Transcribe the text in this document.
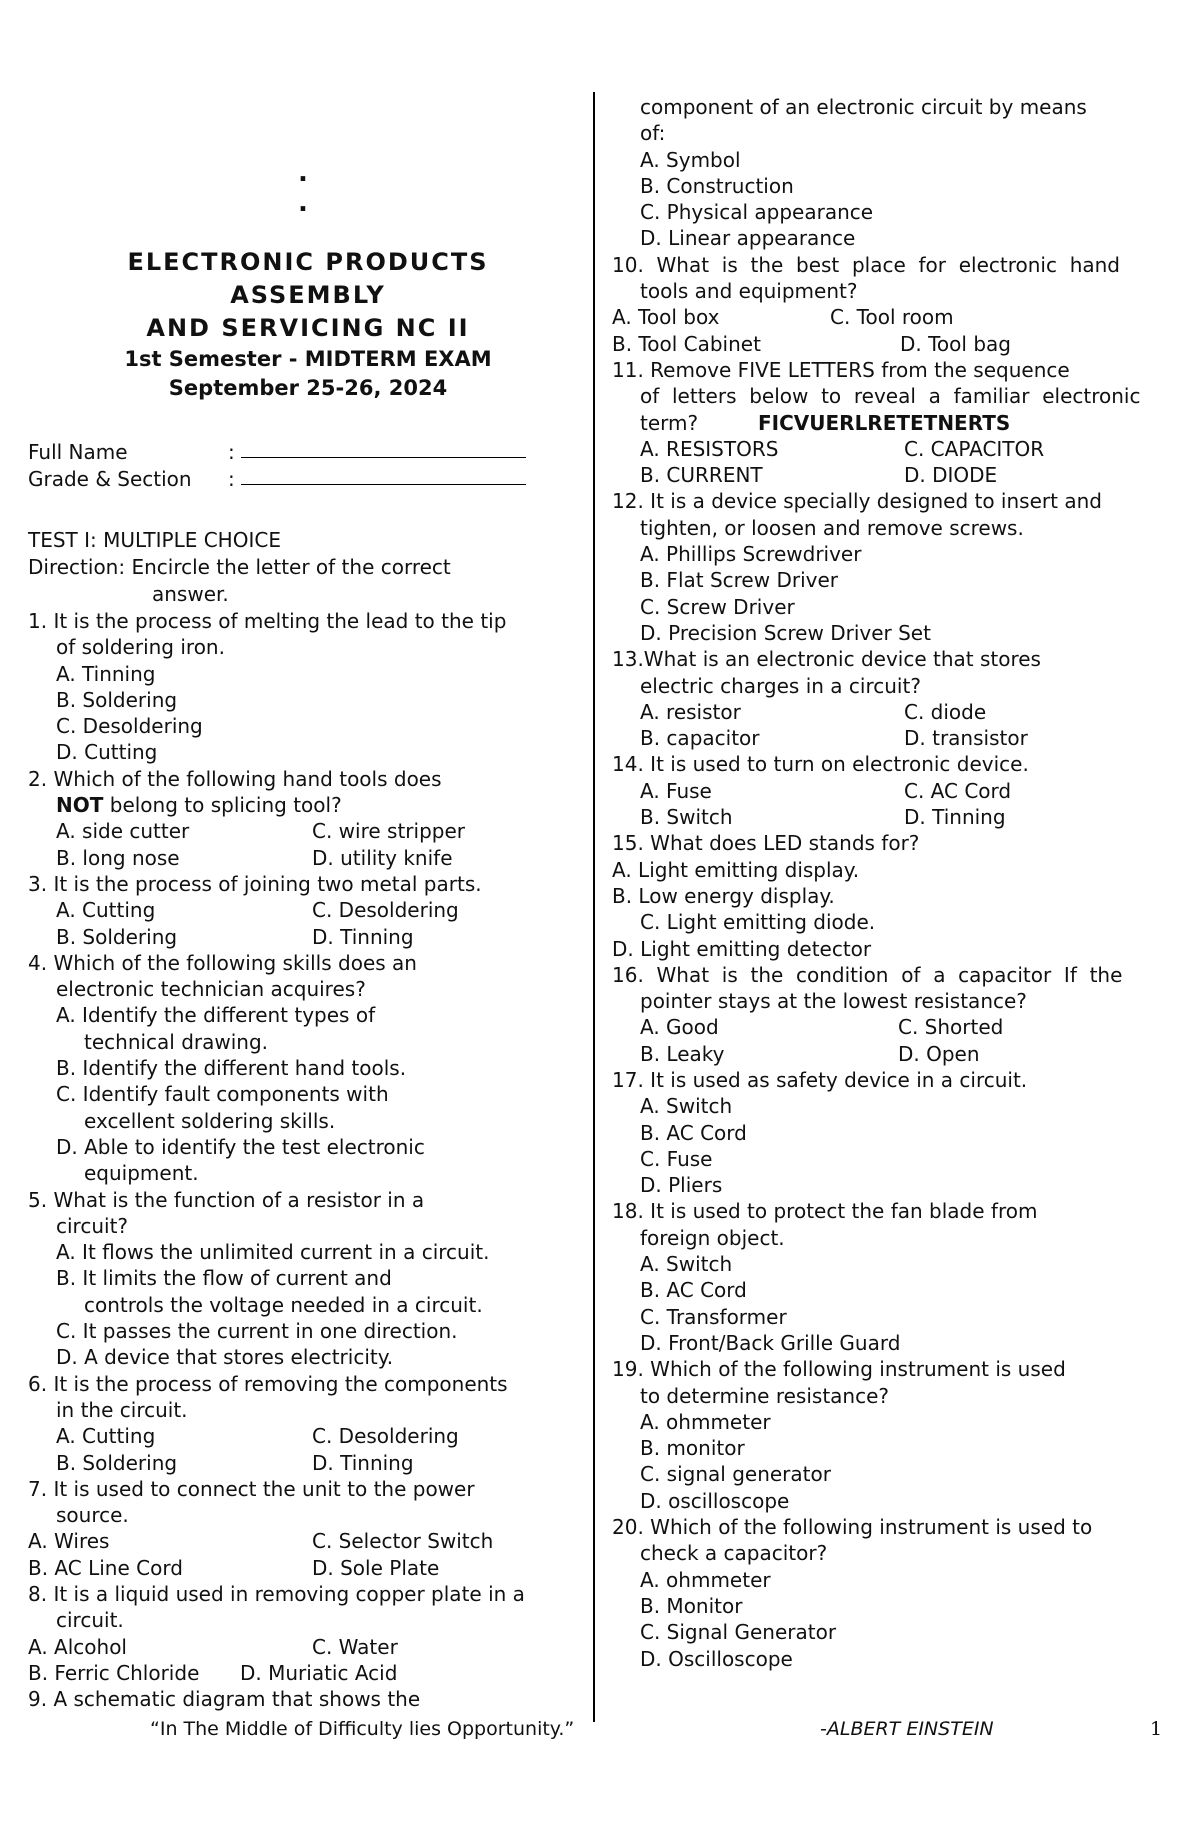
.
.
ELECTRONIC PRODUCTS
ASSEMBLY
AND SERVICING NC II
1st Semester - MIDTERM EXAM
September 25-26, 2024
Full Name	:
Grade & Section	:
TEST I: MULTIPLE CHOICE
Direction: Encircle the letter of the correct
answer.
1. It is the process of melting the lead to the tip
of soldering iron.
A. Tinning
B. Soldering
C. Desoldering
D. Cutting
2. Which of the following hand tools does
NOT belong to splicing tool?
A. side cutter	C. wire stripper
B. long nose	D. utility knife
3. It is the process of joining two metal parts.
A. Cutting	C. Desoldering
B. Soldering	D. Tinning
4. Which of the following skills does an
electronic technician acquires?
A. Identify the different types of
technical drawing.
B. Identify the different hand tools.
C. Identify fault components with
excellent soldering skills.
D. Able to identify the test electronic
equipment.
5. What is the function of a resistor in a
circuit?
A. It flows the unlimited current in a circuit.
B. It limits the flow of current and
controls the voltage needed in a circuit.
C. It passes the current in one direction.
D. A device that stores electricity.
6. It is the process of removing the components
in the circuit.
A. Cutting	C. Desoldering
B. Soldering	D. Tinning
7. It is used to connect the unit to the power
source.
A. Wires	C. Selector Switch
B. AC Line Cord	D. Sole Plate
8. It is a liquid used in removing copper plate in a
circuit.
A. Alcohol	C. Water
B. Ferric Chloride	D. Muriatic Acid
9. A schematic diagram that shows the
component of an electronic circuit by means
of:
A. Symbol
B. Construction
C. Physical appearance
D. Linear appearance
10.  What  is  the  best  place  for  electronic  hand
tools and equipment?
A. Tool box	C. Tool room
B. Tool Cabinet	D. Tool bag
11. Remove FIVE LETTERS from the sequence
of  letters  below  to  reveal  a  familiar  electronic
term?	FICVUERLRETETNERTS
A. RESISTORS	C. CAPACITOR
B. CURRENT	D. DIODE
12. It is a device specially designed to insert and
tighten, or loosen and remove screws.
A. Phillips Screwdriver
B. Flat Screw Driver
C. Screw Driver
D. Precision Screw Driver Set
13.What is an electronic device that stores
electric charges in a circuit?
A. resistor	C. diode
B. capacitor	D. transistor
14. It is used to turn on electronic device.
A. Fuse	C. AC Cord
B. Switch	D. Tinning
15. What does LED stands for?
A. Light emitting display.
B. Low energy display.
C. Light emitting diode.
D. Light emitting detector
16.  What  is  the  condition  of  a  capacitor  If  the
pointer stays at the lowest resistance?
A. Good	C. Shorted
B. Leaky	D. Open
17. It is used as safety device in a circuit.
A. Switch
B. AC Cord
C. Fuse
D. Pliers
18. It is used to protect the fan blade from
foreign object.
A. Switch
B. AC Cord
C. Transformer
D. Front/Back Grille Guard
19. Which of the following instrument is used
to determine resistance?
A. ohmmeter
B. monitor
C. signal generator
D. oscilloscope
20. Which of the following instrument is used to
check a capacitor?
A. ohmmeter
B. Monitor
C. Signal Generator
D. Oscilloscope
“In The Middle of Difficulty lies Opportunity.”	-ALBERT EINSTEIN	1
